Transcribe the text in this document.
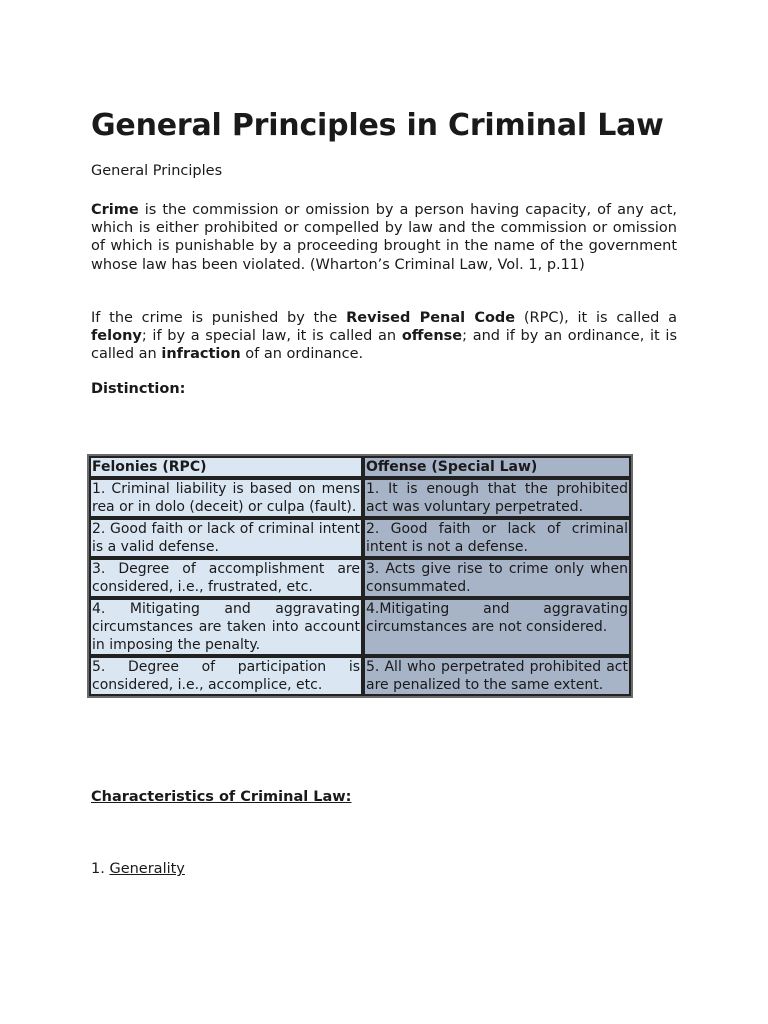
General Principles in Criminal Law
General Principles

Crime is the commission or omission by a person having capacity, of any act, which is either prohibited or compelled by law and the commission or omission of which is punishable by a proceeding brought in the name of the government whose law has been violated. (Wharton’s Criminal Law, Vol. 1, p.11)

If the crime is punished by the Revised Penal Code (RPC), it is called a felony; if by a special law, it is called an offense; and if by an ordinance, it is called an infraction of an ordinance.

Distinction:
Felonies (RPC)	Offense (Special Law)
1. Criminal liability is based on mens rea or in dolo (deceit) or culpa (fault).	1. It is enough that the prohibited act was voluntary perpetrated.
2. Good faith or lack of criminal intent is a valid defense.	2. Good faith or lack of criminal intent is not a defense.
3. Degree of accomplishment are considered, i.e., frustrated, etc.	3. Acts give rise to crime only when consummated.
4. Mitigating and aggravating circumstances are taken into account in imposing the penalty.	4.Mitigating and aggravating circumstances are not considered.
5. Degree of participation is considered, i.e., accomplice, etc.	5. All who perpetrated prohibited act are penalized to the same extent.
Characteristics of Criminal Law:
1. Generality
